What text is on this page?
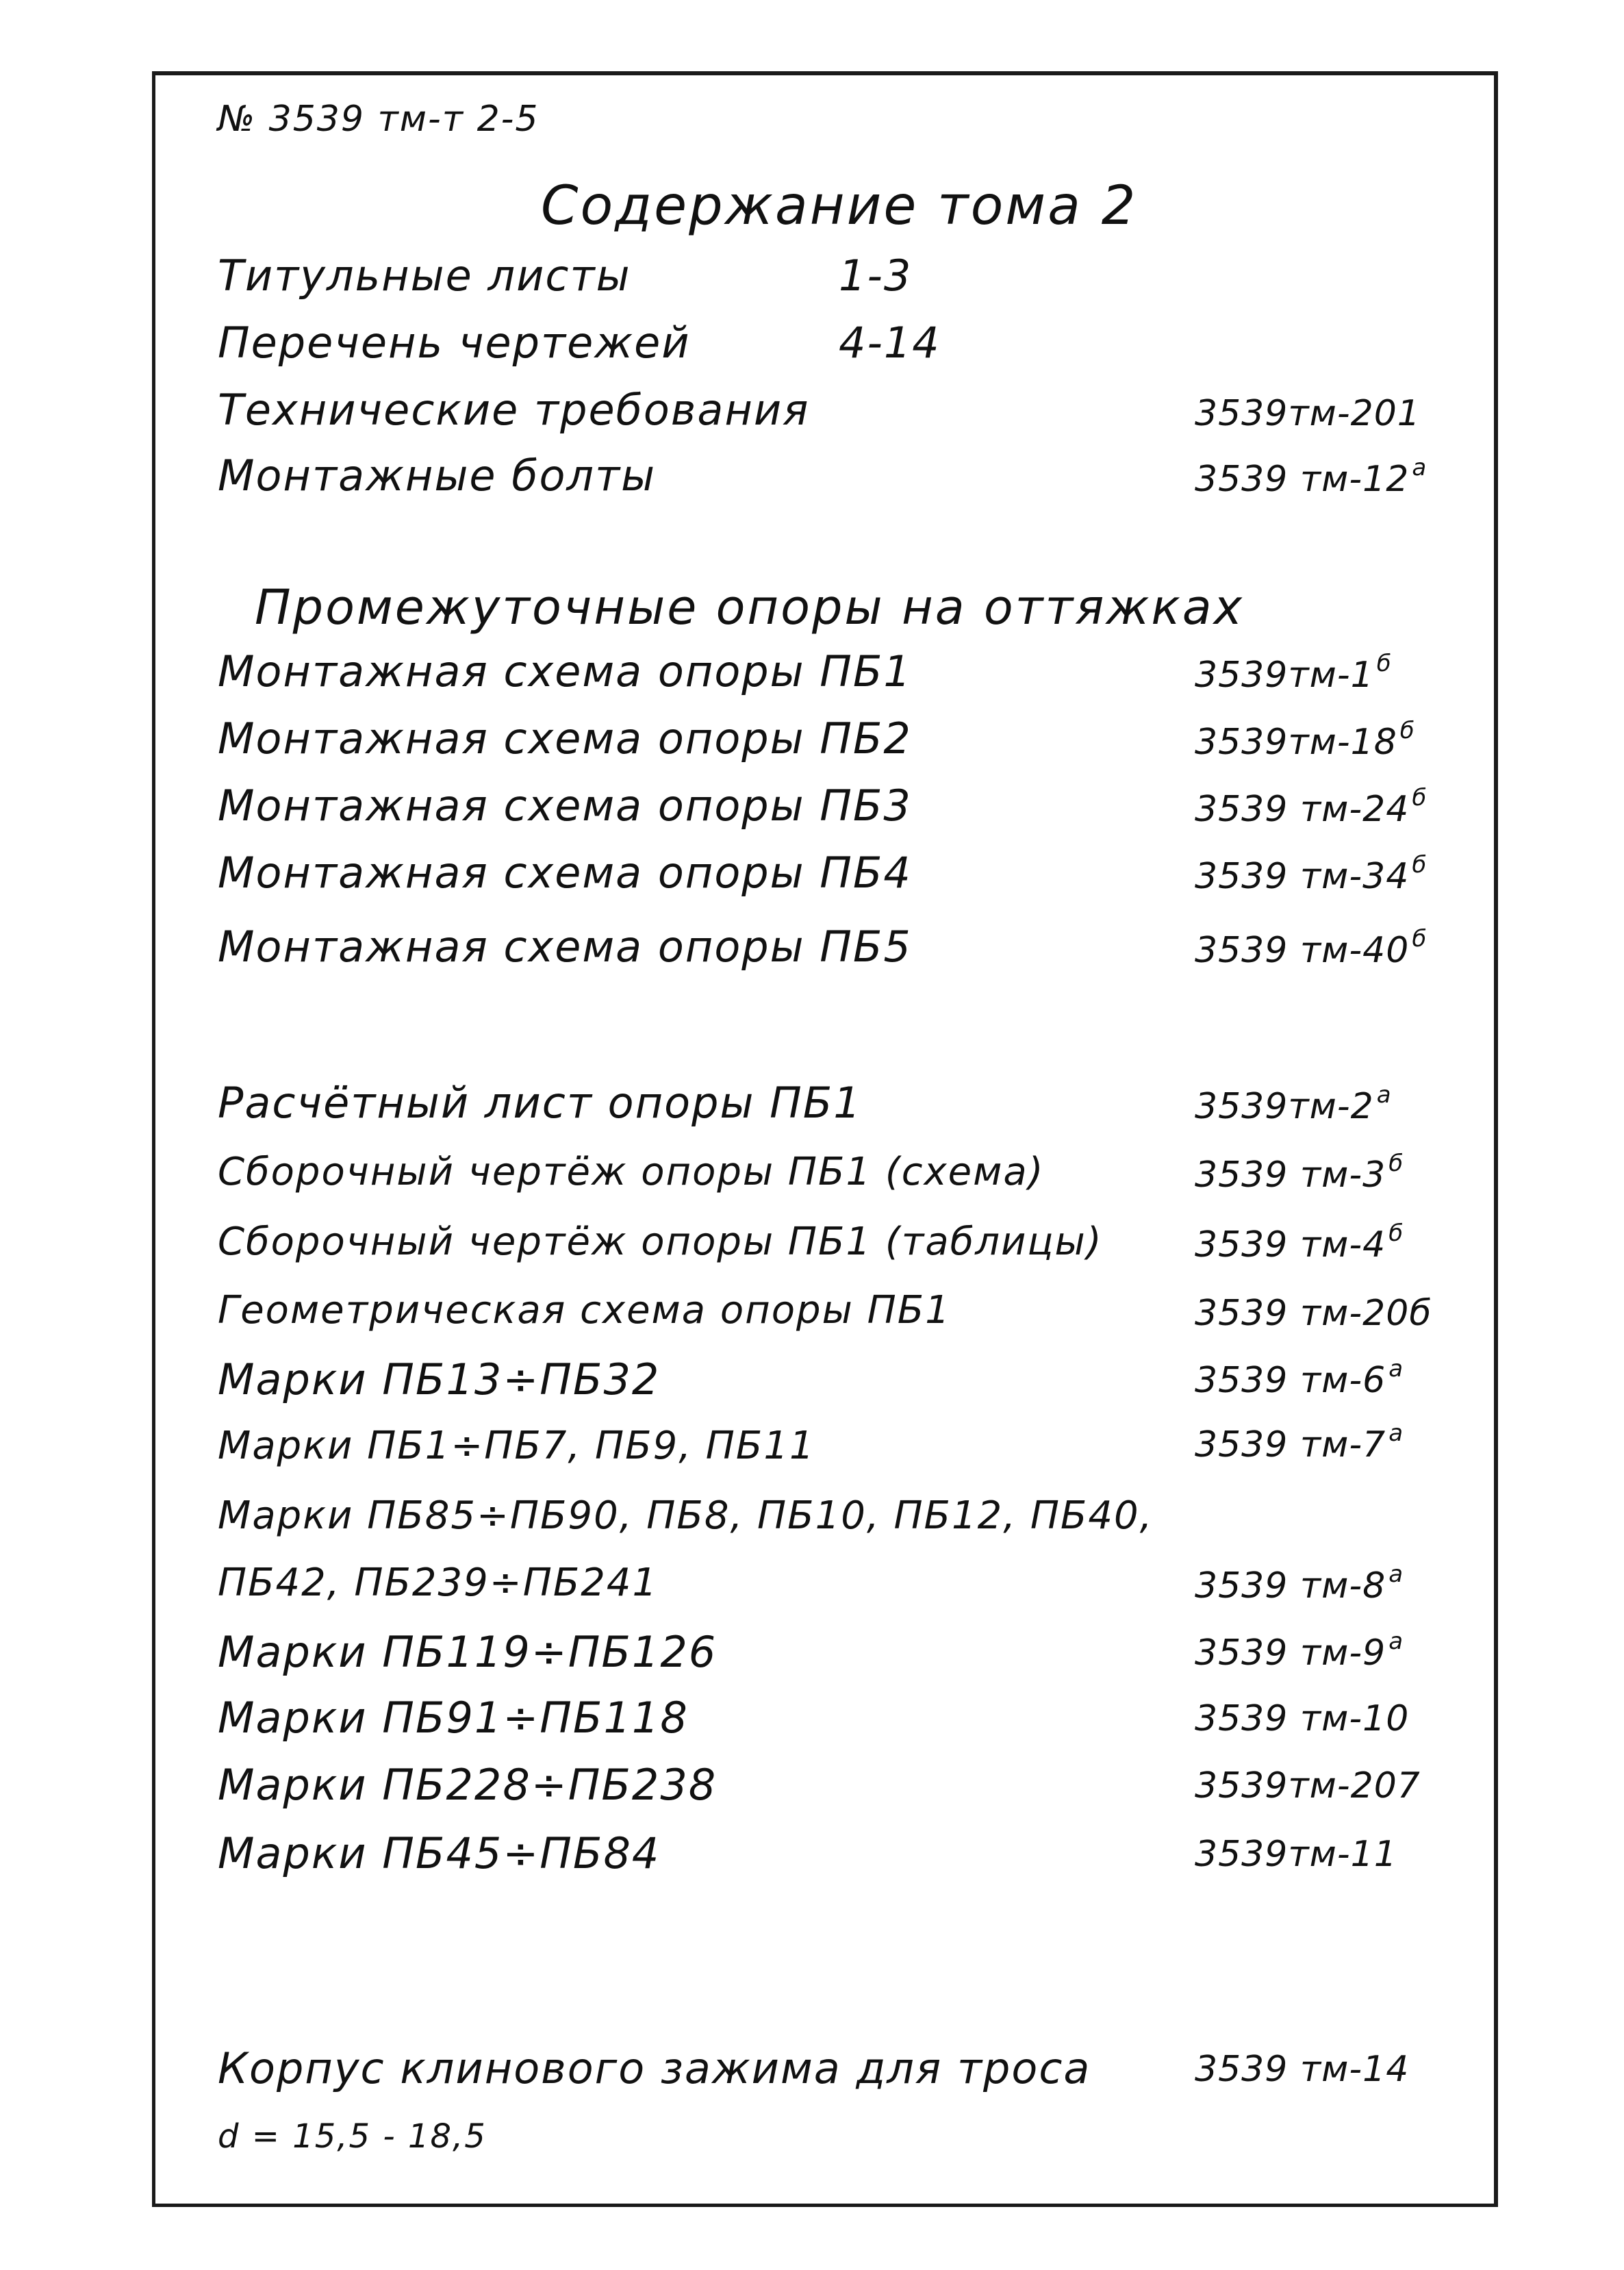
№ 3539 тм-т 2-5
Содержание тома 2
Титульные листы	1-3
Перечень чертежей	4-14
Технические требования	3539тм-201
Монтажные болты	3539 тм-12 $^а$
Промежуточные опоры на оттяжках
Монтажная схема опоры ПБ1	3539тм-1 $^б$
Монтажная схема опоры ПБ2	3539тм-18 $^б$
Монтажная схема опоры ПБ3	3539 тм-24 $^б$
Монтажная схема опоры ПБ4	3539 тм-34 $^б$
Монтажная схема опоры ПБ5	3539 тм-40 $^б$
Расчётный лист опоры ПБ1	3539тм-2 $^а$
Сборочный чертёж опоры ПБ1 (схема)	3539 тм-3 $^б$
Сборочный чертёж опоры ПБ1 (таблицы)	3539 тм-4 $^б$
Геометрическая схема опоры ПБ1	3539 тм-20б
Марки ПБ13÷ПБ32	3539 тм-6 $^а$
Марки ПБ1÷ПБ7, ПБ9, ПБ11	3539 тм-7 $^а$
Марки ПБ85÷ПБ90, ПБ8, ПБ10, ПБ12, ПБ40,
ПБ42, ПБ239÷ПБ241	3539 тм-8 $^а$
Марки ПБ119÷ПБ126	3539 тм-9 $^а$
Марки ПБ91÷ПБ118	3539 тм-10
Марки ПБ228÷ПБ238	3539тм-207
Марки ПБ45÷ПБ84	3539тм-11
Корпус клинового зажима для троса	3539 тм-14
d = 15,5 - 18,5
